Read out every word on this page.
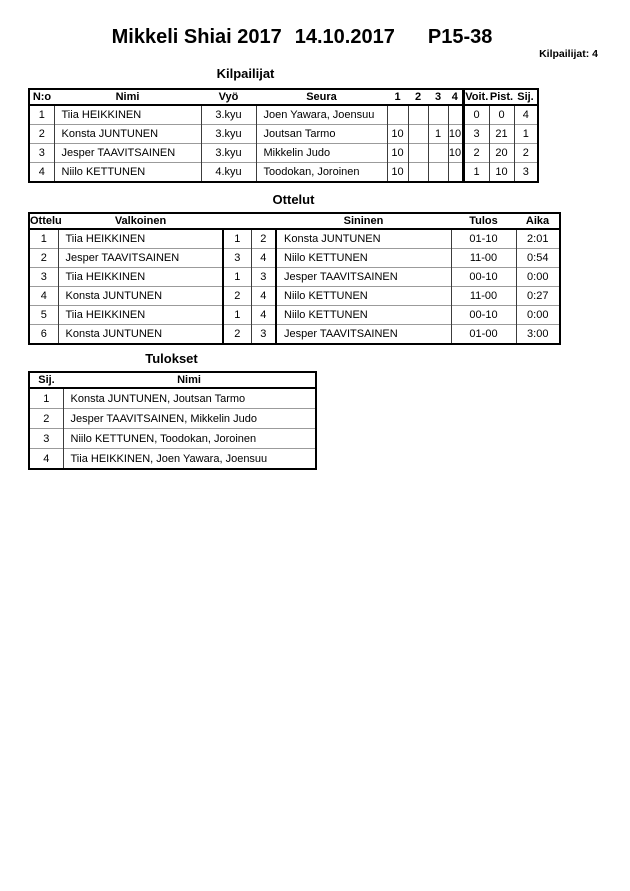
Mikkeli Shiai 2017 14.10.2017 P15-38
Kilpailijat: 4
Kilpailijat
N:o	Nimi	Vyö	Seura	1	2	3	4	Voit.	Pist.	Sij.
1	Tiia HEIKKINEN	3.kyu	Joen Yawara, Joensuu					0	0	4
2	Konsta JUNTUNEN	3.kyu	Joutsan Tarmo	10		1	10	3	21	1
3	Jesper TAAVITSAINEN	3.kyu	Mikkelin Judo	10			10	2	20	2
4	Niilo KETTUNEN	4.kyu	Toodokan, Joroinen	10				1	10	3
Ottelut
Ottelu	Valkoinen			Sininen	Tulos	Aika
1	Tiia HEIKKINEN	1	2	Konsta JUNTUNEN	01-10	2:01
2	Jesper TAAVITSAINEN	3	4	Niilo KETTUNEN	11-00	0:54
3	Tiia HEIKKINEN	1	3	Jesper TAAVITSAINEN	00-10	0:00
4	Konsta JUNTUNEN	2	4	Niilo KETTUNEN	11-00	0:27
5	Tiia HEIKKINEN	1	4	Niilo KETTUNEN	00-10	0:00
6	Konsta JUNTUNEN	2	3	Jesper TAAVITSAINEN	01-00	3:00
Tulokset
Sij.	Nimi
1	Konsta JUNTUNEN, Joutsan Tarmo
2	Jesper TAAVITSAINEN, Mikkelin Judo
3	Niilo KETTUNEN, Toodokan, Joroinen
4	Tiia HEIKKINEN, Joen Yawara, Joensuu
